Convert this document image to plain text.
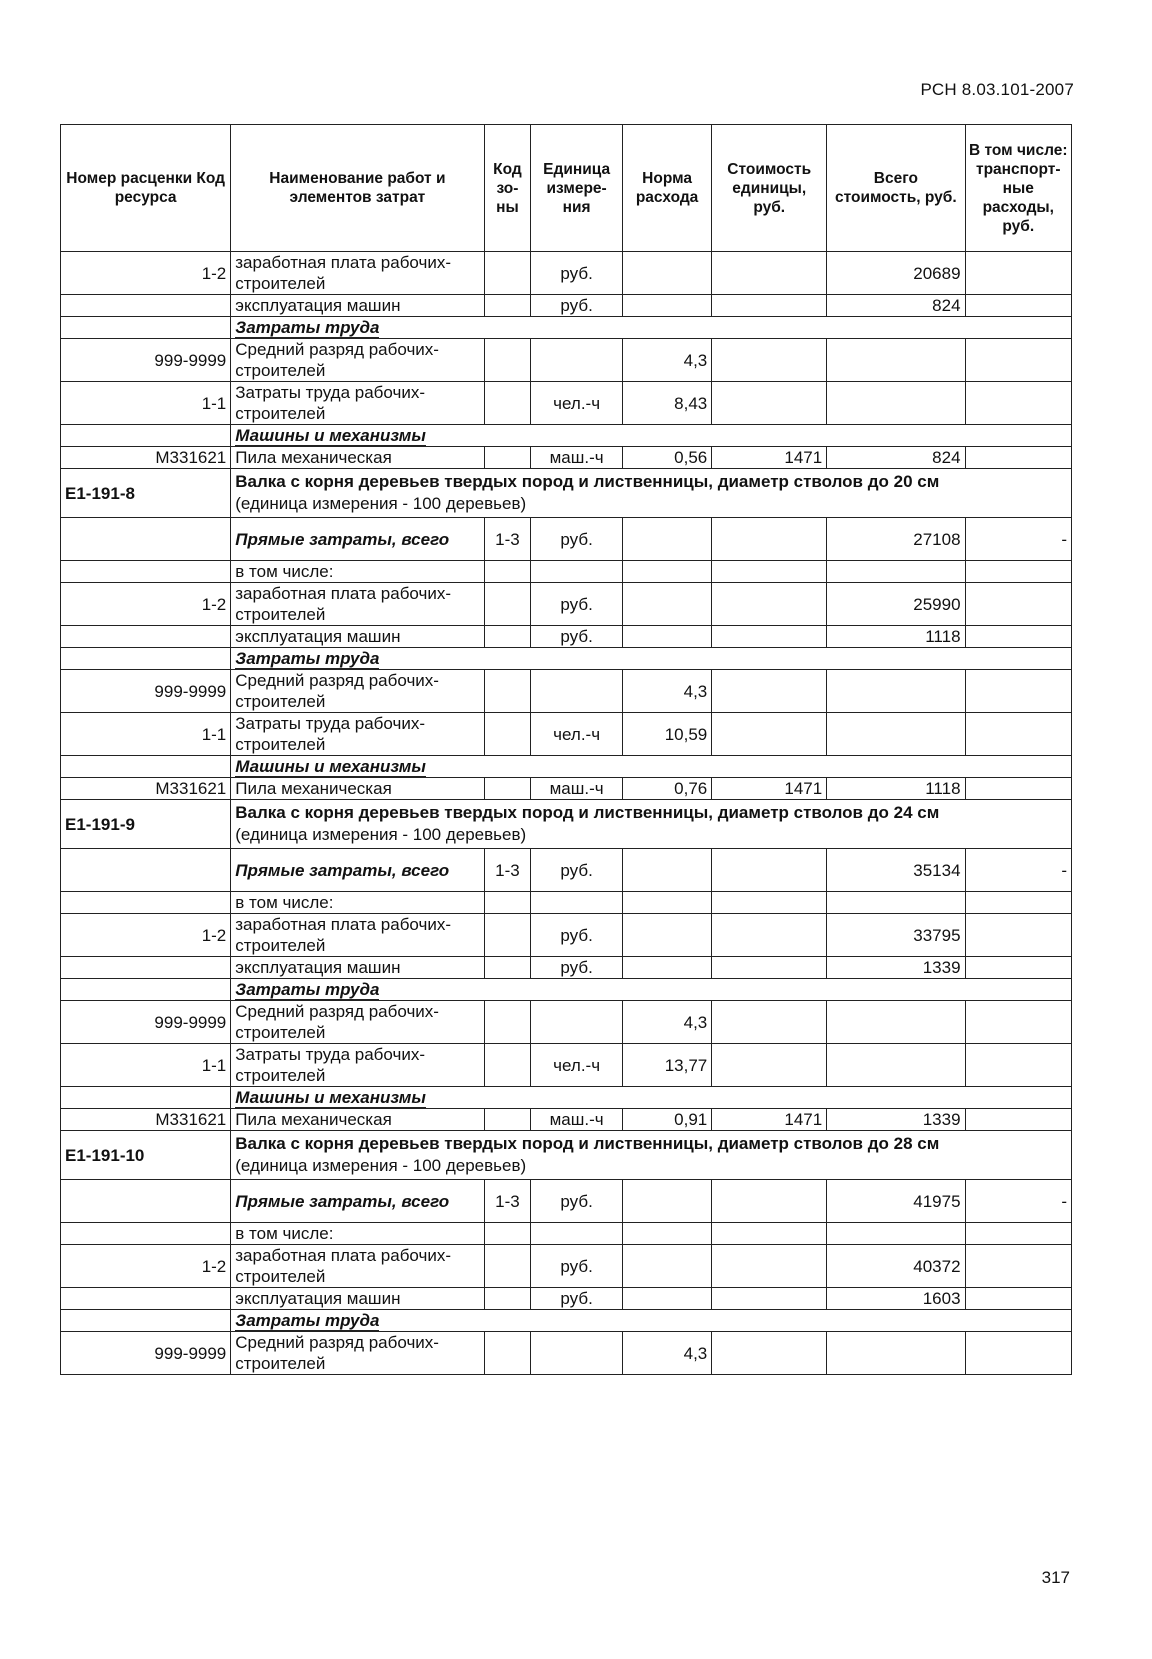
РСН 8.03.101-2007
Номер расценки Код ресурса	Наименование работ и элементов затрат	Код зо-ны	Единица измере-ния	Норма расхода	Стоимость единицы, руб.	Всего стоимость, руб.	В том числе: транспорт-ные расходы, руб.
1-2	заработная плата рабочих-строителей		руб.			20689	
	эксплуатация машин		руб.			824	
	Затраты труда						
999-9999	Средний разряд рабочих-строителей			4,3			
1-1	Затраты труда рабочих-строителей		чел.-ч	8,43			
	Машины и механизмы						
М331621	Пила механическая		маш.-ч	0,56	1471	824	
Е1-191-8	Валка с корня деревьев твердых пород и лиственницы, диаметр стволов до 20 см
(единица измерения - 100 деревьев)						

	Прямые затраты, всего	1-3	руб.			27108	-
	в том числе:						
1-2	заработная плата рабочих-строителей		руб.			25990	
	эксплуатация машин		руб.			1118	
	Затраты труда						
999-9999	Средний разряд рабочих-строителей			4,3			
1-1	Затраты труда рабочих-строителей		чел.-ч	10,59			
	Машины и механизмы						
М331621	Пила механическая		маш.-ч	0,76	1471	1118	
Е1-191-9	Валка с корня деревьев твердых пород и лиственницы, диаметр стволов до 24 см
(единица измерения - 100 деревьев)						

	Прямые затраты, всего	1-3	руб.			35134	-
	в том числе:						
1-2	заработная плата рабочих-строителей		руб.			33795	
	эксплуатация машин		руб.			1339	
	Затраты труда						
999-9999	Средний разряд рабочих-строителей			4,3			
1-1	Затраты труда рабочих-строителей		чел.-ч	13,77			
	Машины и механизмы						
М331621	Пила механическая		маш.-ч	0,91	1471	1339	
Е1-191-10	Валка с корня деревьев твердых пород и лиственницы, диаметр стволов до 28 см
(единица измерения - 100 деревьев)						

	Прямые затраты, всего	1-3	руб.			41975	-
	в том числе:						
1-2	заработная плата рабочих-строителей		руб.			40372	
	эксплуатация машин		руб.			1603	
	Затраты труда						
999-9999	Средний разряд рабочих-строителей			4,3			
317
